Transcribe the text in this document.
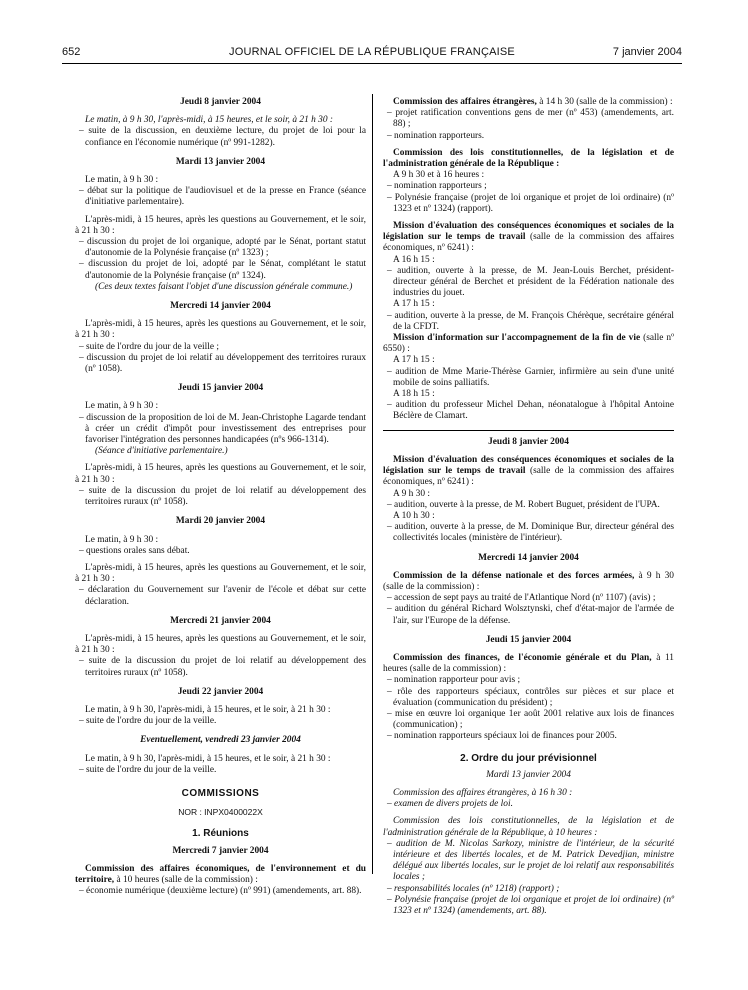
652	JOURNAL OFFICIEL DE LA RÉPUBLIQUE FRANÇAISE	7 janvier 2004

Jeudi 8 janvier 2004

Le matin, à 9 h 30, l'après-midi, à 15 heures, et le soir, à 21 h 30 :

– suite de la discussion, en deuxième lecture, du projet de loi pour la confiance en l'économie numérique (nº 991-1282).

Mardi 13 janvier 2004

Le matin, à 9 h 30 :

– débat sur la politique de l'audiovisuel et de la presse en France (séance d'initiative parlementaire).

L'après-midi, à 15 heures, après les questions au Gouvernement, et le soir, à 21 h 30 :

– discussion du projet de loi organique, adopté par le Sénat, portant statut d'autonomie de la Polynésie française (nº 1323) ;

– discussion du projet de loi, adopté par le Sénat, complétant le statut d'autonomie de la Polynésie française (nº 1324).

(Ces deux textes faisant l'objet d'une discussion générale commune.)

Mercredi 14 janvier 2004

L'après-midi, à 15 heures, après les questions au Gouvernement, et le soir, à 21 h 30 :

– suite de l'ordre du jour de la veille ;

– discussion du projet de loi relatif au développement des territoires ruraux (nº 1058).

Jeudi 15 janvier 2004

Le matin, à 9 h 30 :

– discussion de la proposition de loi de M. Jean-Christophe Lagarde tendant à créer un crédit d'impôt pour investissement des entreprises pour favoriser l'intégration des personnes handicapées (nºs 966-1314).

(Séance d'initiative parlementaire.)

L'après-midi, à 15 heures, après les questions au Gouvernement, et le soir, à 21 h 30 :

– suite de la discussion du projet de loi relatif au développement des territoires ruraux (nº 1058).

Mardi 20 janvier 2004

Le matin, à 9 h 30 :

– questions orales sans débat.

L'après-midi, à 15 heures, après les questions au Gouvernement, et le soir, à 21 h 30 :

– déclaration du Gouvernement sur l'avenir de l'école et débat sur cette déclaration.

Mercredi 21 janvier 2004

L'après-midi, à 15 heures, après les questions au Gouvernement, et le soir, à 21 h 30 :

– suite de la discussion du projet de loi relatif au développement des territoires ruraux (nº 1058).

Jeudi 22 janvier 2004

Le matin, à 9 h 30, l'après-midi, à 15 heures, et le soir, à 21 h 30 :

– suite de l'ordre du jour de la veille.

Eventuellement, vendredi 23 janvier 2004

Le matin, à 9 h 30, l'après-midi, à 15 heures, et le soir, à 21 h 30 :

– suite de l'ordre du jour de la veille.

COMMISSIONS

NOR : INPX0400022X

1. Réunions

Mercredi 7 janvier 2004

Commission des affaires économiques, de l'environnement et du territoire, à 10 heures (salle de la commission) :

– économie numérique (deuxième lecture) (nº 991) (amendements, art. 88).

Commission des affaires étrangères, à 14 h 30 (salle de la commission) :

– projet ratification conventions gens de mer (nº 453) (amendements, art. 88) ;

– nomination rapporteurs.

Commission des lois constitutionnelles, de la législation et de l'administration générale de la République :

A 9 h 30 et à 16 heures :

– nomination rapporteurs ;

– Polynésie française (projet de loi organique et projet de loi ordinaire) (nº 1323 et nº 1324) (rapport).

Mission d'évaluation des conséquences économiques et sociales de la législation sur le temps de travail (salle de la commission des affaires économiques, nº 6241) :

A 16 h 15 :

– audition, ouverte à la presse, de M. Jean-Louis Berchet, président-directeur général de Berchet et président de la Fédération nationale des industries du jouet.

A 17 h 15 :

– audition, ouverte à la presse, de M. François Chérèque, secrétaire général de la CFDT.

Mission d'information sur l'accompagnement de la fin de vie (salle nº 6550) :

A 17 h 15 :

– audition de Mme Marie-Thérèse Garnier, infirmière au sein d'une unité mobile de soins palliatifs.

A 18 h 15 :

– audition du professeur Michel Dehan, néonatalogue à l'hôpital Antoine Béclère de Clamart.

Jeudi 8 janvier 2004

Mission d'évaluation des conséquences économiques et sociales de la législation sur le temps de travail (salle de la commission des affaires économiques, nº 6241) :

A 9 h 30 :

– audition, ouverte à la presse, de M. Robert Buguet, président de l'UPA.

A 10 h 30 :

– audition, ouverte à la presse, de M. Dominique Bur, directeur général des collectivités locales (ministère de l'intérieur).

Mercredi 14 janvier 2004

Commission de la défense nationale et des forces armées, à 9 h 30 (salle de la commission) :

– accession de sept pays au traité de l'Atlantique Nord (nº 1107) (avis) ;

– audition du général Richard Wolsztynski, chef d'état-major de l'armée de l'air, sur l'Europe de la défense.

Jeudi 15 janvier 2004

Commission des finances, de l'économie générale et du Plan, à 11 heures (salle de la commission) :

– nomination rapporteur pour avis ;

– rôle des rapporteurs spéciaux, contrôles sur pièces et sur place et évaluation (communication du président) ;

– mise en œuvre loi organique 1er août 2001 relative aux lois de finances (communication) ;

– nomination rapporteurs spéciaux loi de finances pour 2005.

2. Ordre du jour prévisionnel

Mardi 13 janvier 2004

Commission des affaires étrangères, à 16 h 30 :

– examen de divers projets de loi.

Commission des lois constitutionnelles, de la législation et de l'administration générale de la République, à 10 heures :

– audition de M. Nicolas Sarkozy, ministre de l'intérieur, de la sécurité intérieure et des libertés locales, et de M. Patrick Devedjian, ministre délégué aux libertés locales, sur le projet de loi relatif aux responsabilités locales ;

– responsabilités locales (nº 1218) (rapport) ;

– Polynésie française (projet de loi organique et projet de loi ordinaire) (nº 1323 et nº 1324) (amendements, art. 88).
